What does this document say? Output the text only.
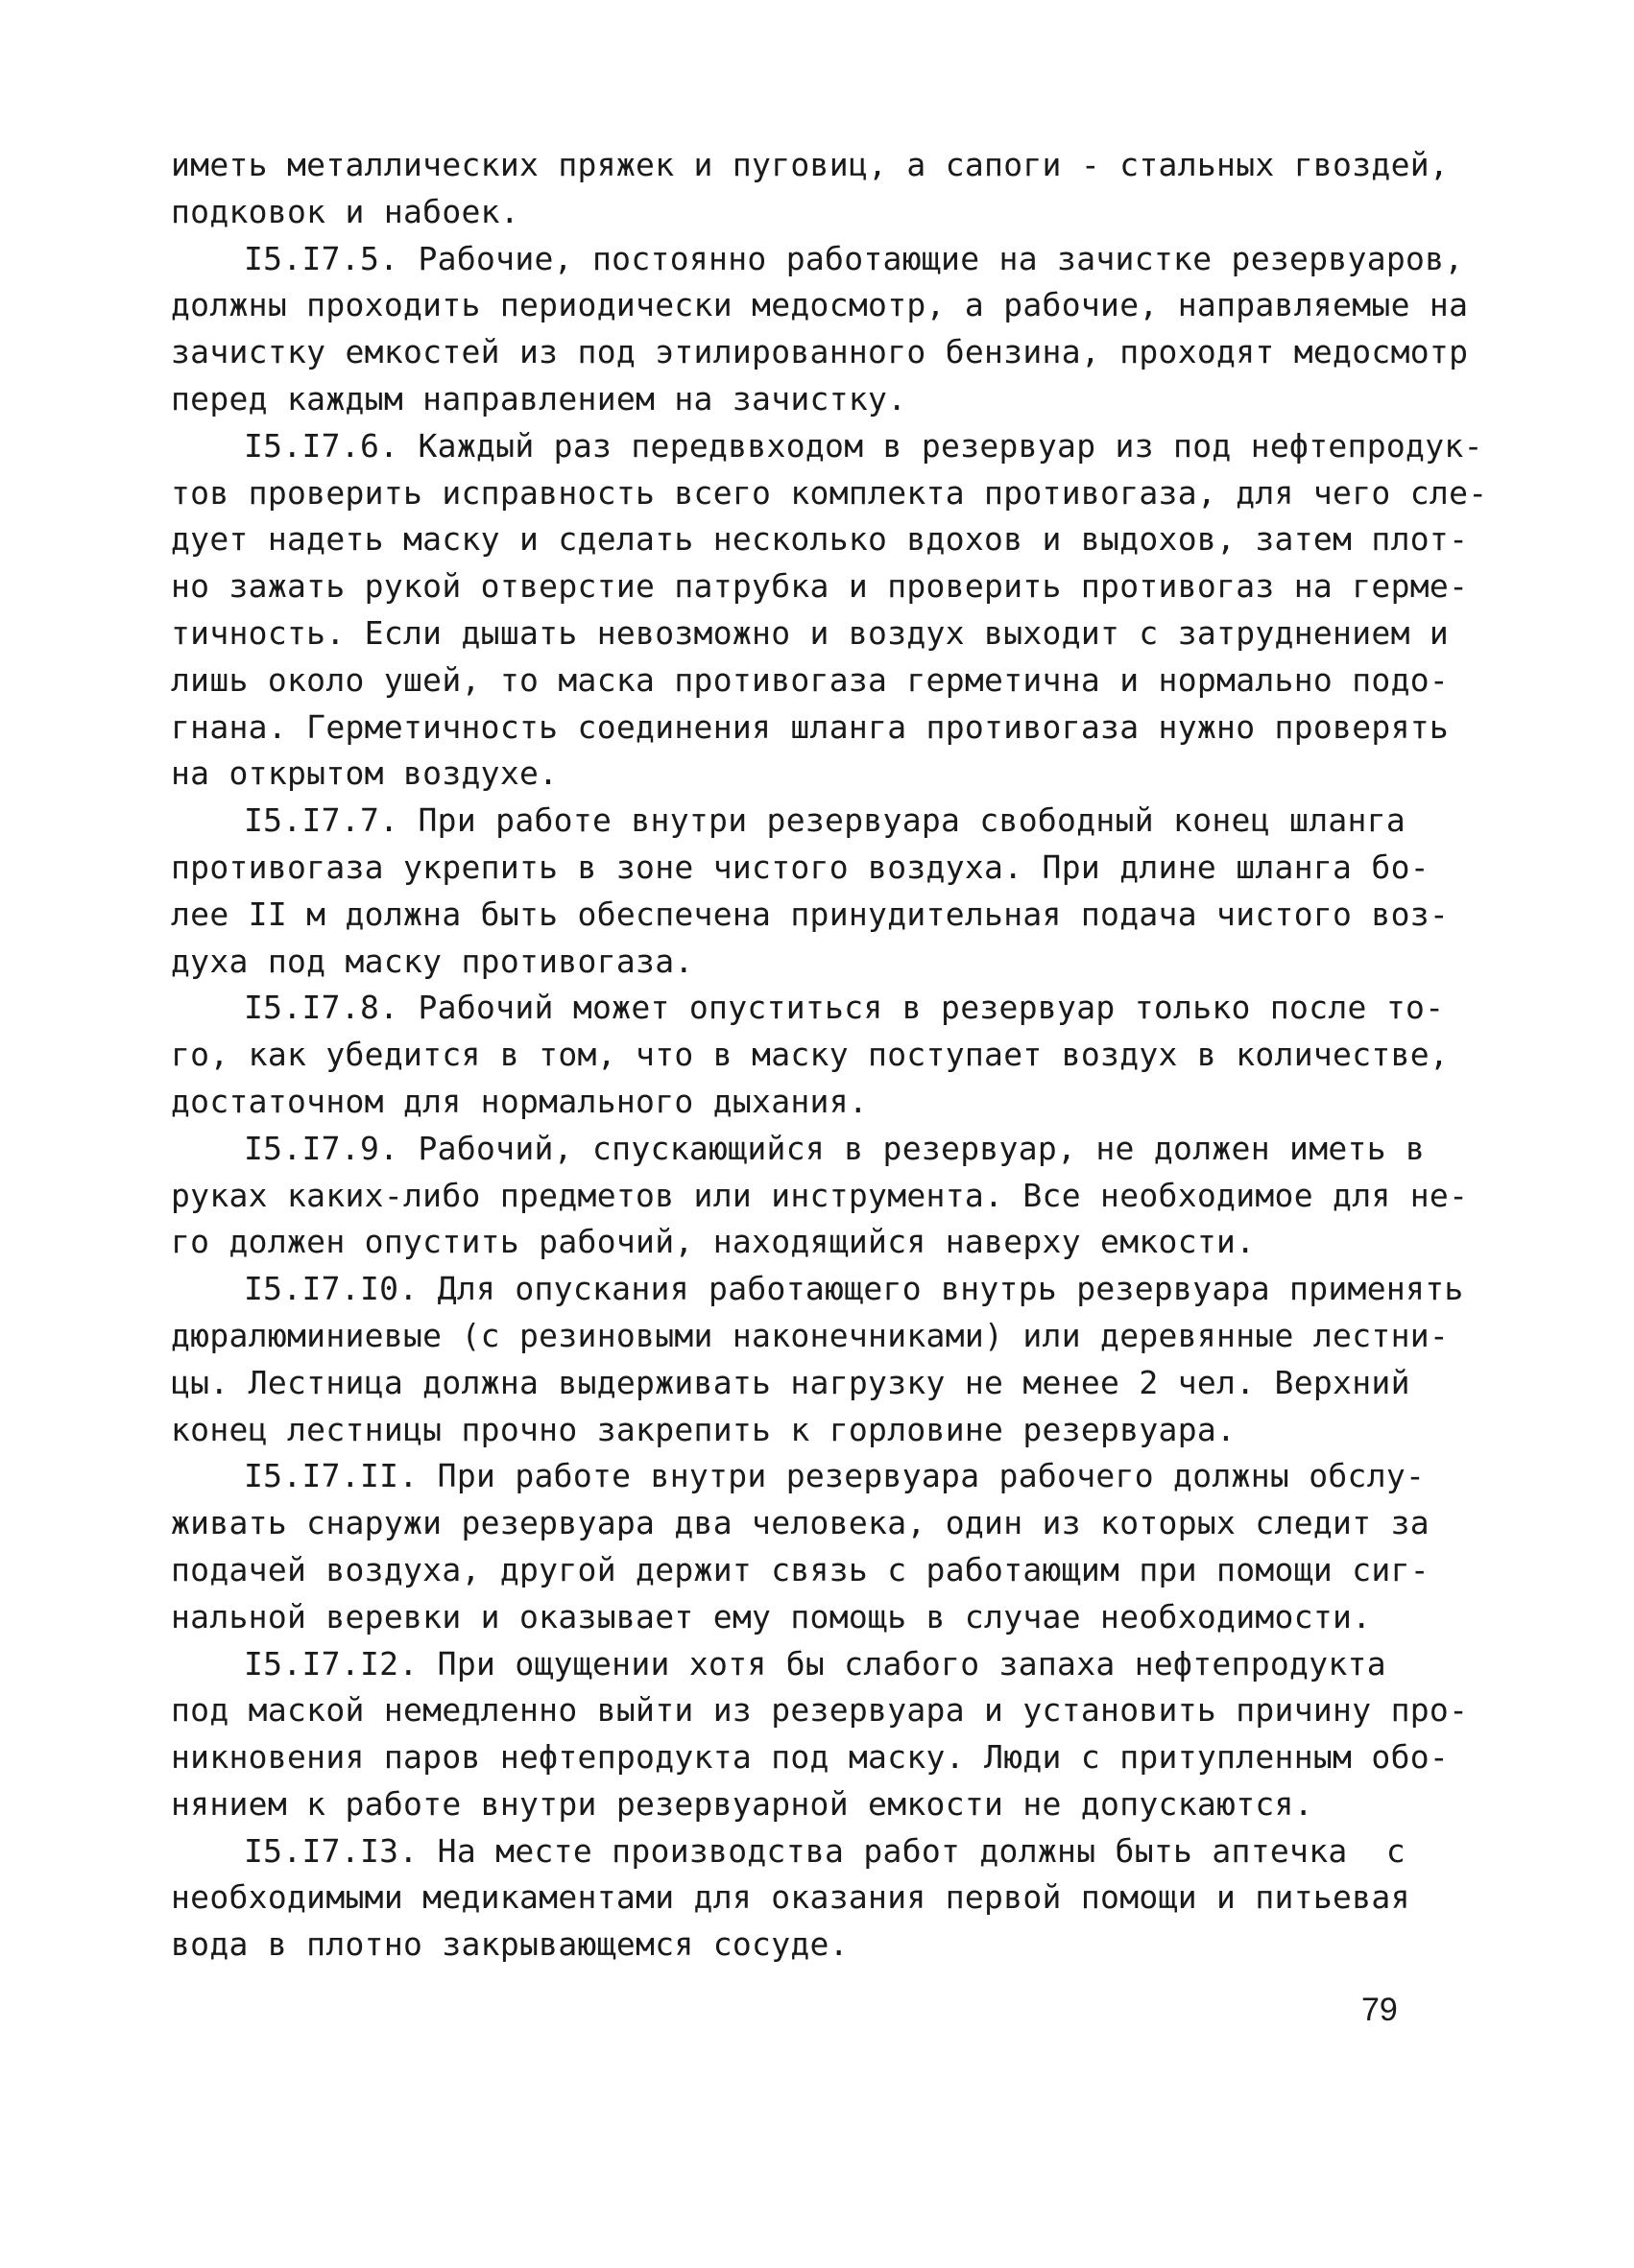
иметь металлических пряжек и пуговиц, а сапоги - стальных гвоздей,
подковок и набоек.
I5.I7.5. Рабочие, постоянно работающие на зачистке резервуаров,
должны проходить периодически медосмотр, а рабочие, направляемые на
зачистку емкостей из под этилированного бензина, проходят медосмотр
перед каждым направлением на зачистку.
I5.I7.6. Каждый раз передввходом в резервуар из под нефтепродук-
тов проверить исправность всего комплекта противогаза, для чего сле-
дует надеть маску и сделать несколько вдохов и выдохов, затем плот-
но зажать рукой отверстие патрубка и проверить противогаз на герме-
тичность. Если дышать невозможно и воздух выходит с затруднением и
лишь около ушей, то маска противогаза герметична и нормально подо-
гнана. Герметичность соединения шланга противогаза нужно проверять
на открытом воздухе.
I5.I7.7. При работе внутри резервуара свободный конец шланга
противогаза укрепить в зоне чистого воздуха. При длине шланга бо-
лее II м должна быть обеспечена принудительная подача чистого воз-
духа под маску противогаза.
I5.I7.8. Рабочий может опуститься в резервуар только после то-
го, как убедится в том, что в маску поступает воздух в количестве,
достаточном для нормального дыхания.
I5.I7.9. Рабочий, спускающийся в резервуар, не должен иметь в
руках каких-либо предметов или инструмента. Все необходимое для не-
го должен опустить рабочий, находящийся наверху емкости.
I5.I7.I0. Для опускания работающего внутрь резервуара применять
дюралюминиевые (с резиновыми наконечниками) или деревянные лестни-
цы. Лестница должна выдерживать нагрузку не менее 2 чел. Верхний
конец лестницы прочно закрепить к горловине резервуара.
I5.I7.II. При работе внутри резервуара рабочего должны обслу-
живать снаружи резервуара два человека, один из которых следит за
подачей воздуха, другой держит связь с работающим при помощи сиг-
нальной веревки и оказывает ему помощь в случае необходимости.
I5.I7.I2. При ощущении хотя бы слабого запаха нефтепродукта
под маской немедленно выйти из резервуара и установить причину про-
никновения паров нефтепродукта под маску. Люди с притупленным обо-
нянием к работе внутри резервуарной емкости не допускаются.
I5.I7.I3. На месте производства работ должны быть аптечка  с
необходимыми медикаментами для оказания первой помощи и питьевая
вода в плотно закрывающемся сосуде.
79
